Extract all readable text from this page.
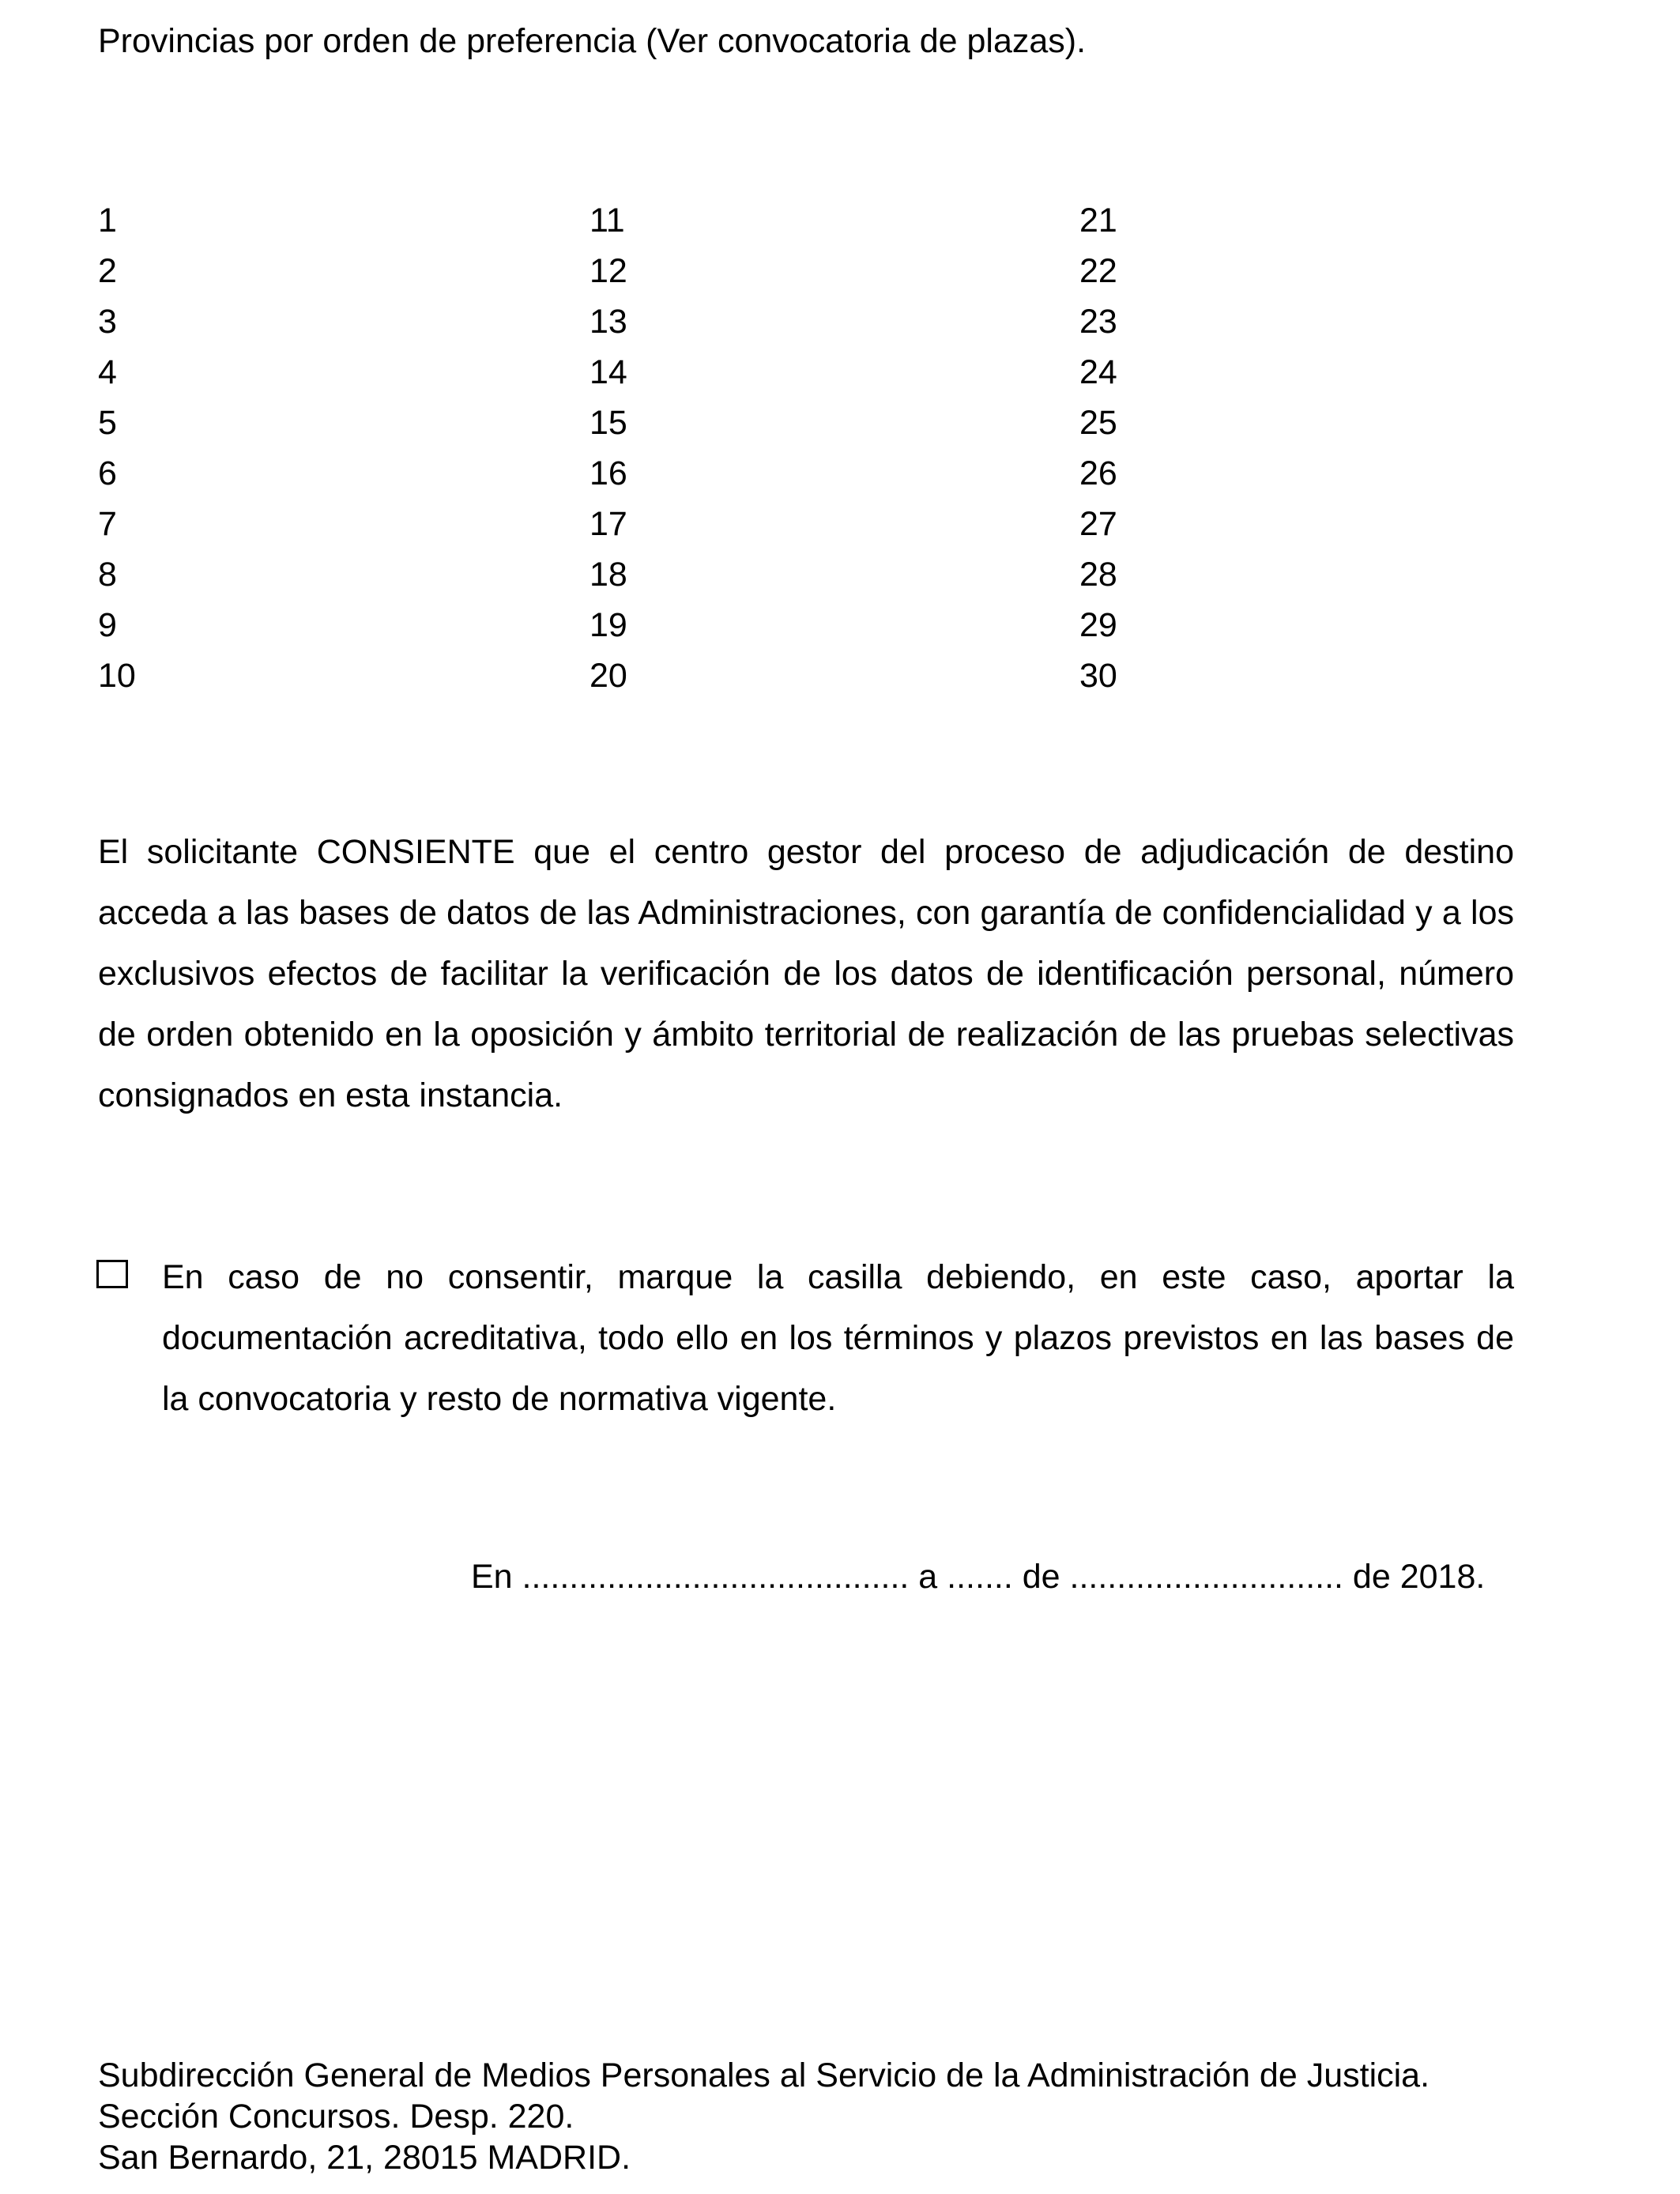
Provincias por orden de preferencia (Ver convocatoria de plazas).
1
2
3
4
5
6
7
8
9
10
11
12
13
14
15
16
17
18
19
20
21
22
23
24
25
26
27
28
29
30
El solicitante CONSIENTE que el centro gestor del proceso de adjudicación de destino acceda a las bases de datos de las Administraciones, con garantía de confidencialidad y a los exclusivos efectos de facilitar la verificación de los datos de identificación personal, número de orden obtenido en la oposición y ámbito territorial de realización de las pruebas selectivas consignados en esta instancia.
En caso de no consentir, marque la casilla debiendo, en este caso, aportar la documentación acreditativa, todo ello en los términos y plazos previstos en las bases de la convocatoria y resto de normativa vigente.
En ......................................... a ....... de ............................. de 2018.
Subdirección General de Medios Personales al Servicio de la Administración de Justicia.
Sección Concursos. Desp. 220.
San Bernardo, 21, 28015 MADRID.
